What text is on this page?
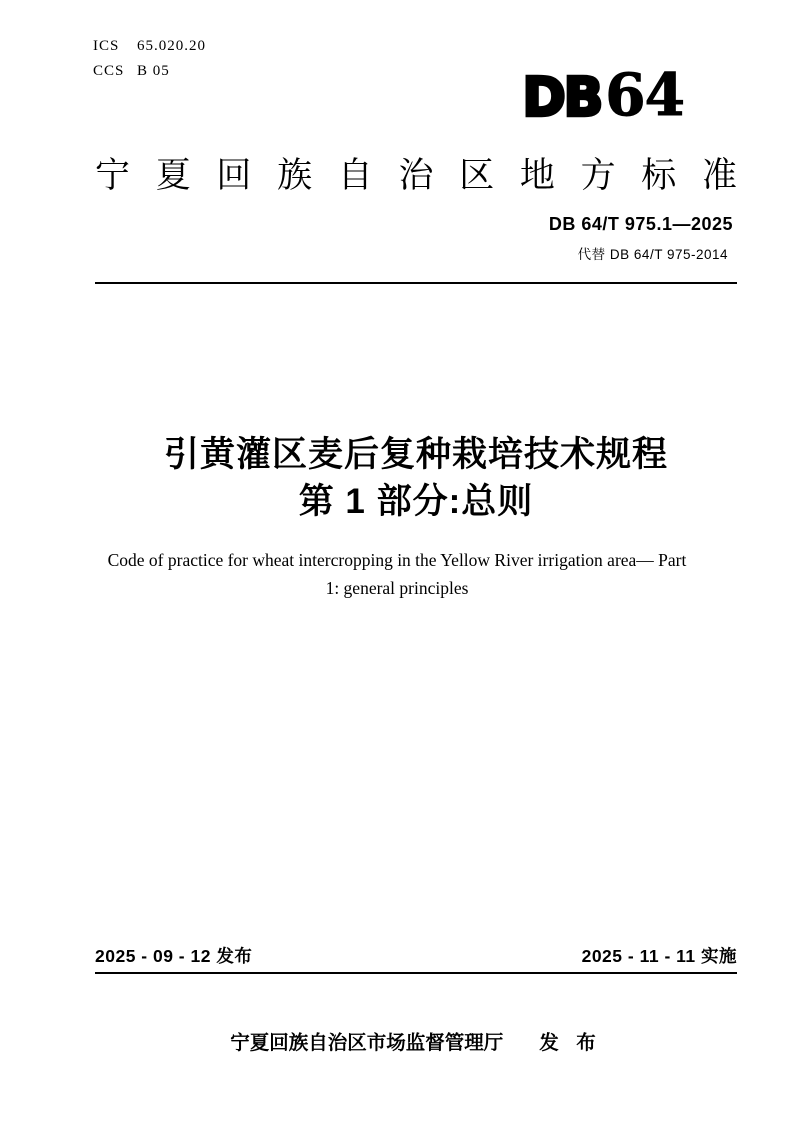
ICS 65.020.20
CCS B 05	DB64
宁夏回族自治区地方标准
DB 64/T 975.1—2025
代替 DB 64/T 975-2014
引黄灌区麦后复种栽培技术规程
第 1 部分:总则
Code of practice for wheat intercropping in the Yellow River irrigation area— Part
1: general principles
2025 - 09 - 12 发布	2025 - 11 - 11 实施
宁夏回族自治区市场监督管理厅 发 布
